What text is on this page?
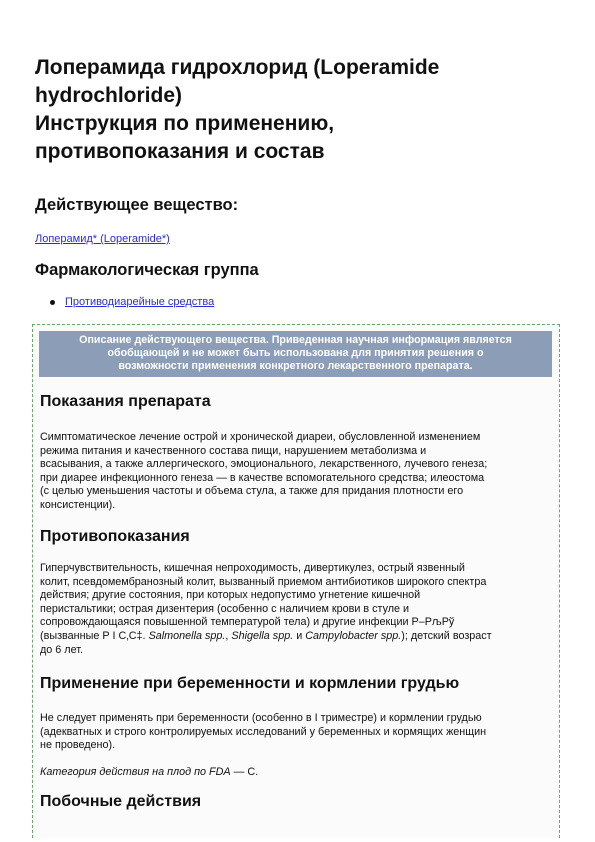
Лоперамида гидрохлорид (Loperamide
hydrochloride)
Инструкция по применению,
противопоказания и состав
Действующее вещество:
Лоперамид* (Loperamide*)
Фармакологическая группа
Противодиарейные средства
Описание действующего вещества. Приведенная научная информация является
обобщающей и не может быть использована для принятия решения о
возможности применения конкретного лекарственного препарата.
Показания препарата

Симптоматическое лечение острой и хронической диареи, обусловленной изменением
режима питания и качественного состава пищи, нарушением метаболизма и
всасывания, а также аллергического, эмоционального, лекарственного, лучевого генеза;
при диарее инфекционного генеза — в качестве вспомогательного средства; илеостома
(с целью уменьшения частоты и объема стула, а также для придания плотности его
консистенции).

Противопоказания

Гиперчувствительность, кишечная непроходимость, дивертикулез, острый язвенный
колит, псевдомембранозный колит, вызванный приемом антибиотиков широкого спектра
действия; другие состояния, при которых недопустимо угнетение кишечной
перистальтики; острая дизентерия (особенно с наличием крови в стуле и
сопровождающаяся повышенной температурой тела) и другие инфекции Р–РљРў
(вызванные Р І С‚С‡. Salmonella spp., Shigella spp. и Campylobacter spp.); детский возраст
до 6 лет.

Применение при беременности и кормлении грудью

Не следует применять при беременности (особенно в I триместре) и кормлении грудью
(адекватных и строго контролируемых исследований у беременных и кормящих женщин
не проведено).

Категория действия на плод по FDA — C.

Побочные действия
